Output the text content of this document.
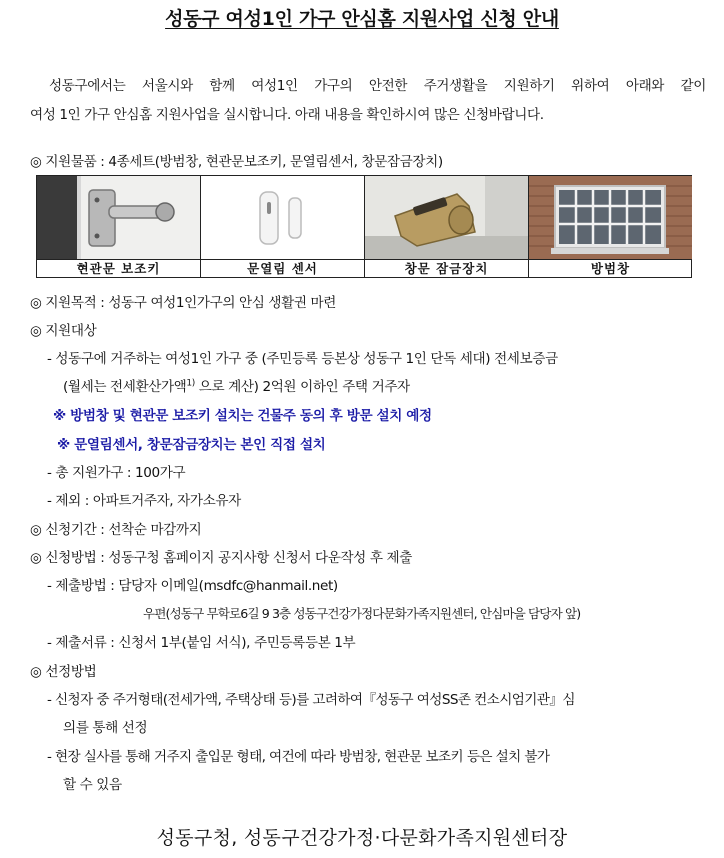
성동구 여성1인 가구 안심홈 지원사업 신청 안내
성동구에서는 서울시와 함께 여성1인 가구의 안전한 주거생활을 지원하기 위하여 아래와 같이
여성 1인 가구 안심홈 지원사업을 실시합니다. 아래 내용을 확인하시여 많은 신청바랍니다.
◎ 지원물품 : 4종세트(방범창, 현관문보조키, 문열림센서, 창문잠금장치)
현관문 보조키	문열림 센서	창문 잠금장치	방범창
◎ 지원목적 : 성동구 여성1인가구의 안심 생활권 마련
◎ 지원대상
- 성동구에 거주하는 여성1인 가구 중 (주민등록 등본상 성동구 1인 단독 세대) 전세보증금
(월세는 전세환산가액$^{1)}$ 으로 계산) 2억원 이하인 주택 거주자
※ 방범창 및 현관문 보조키 설치는 건물주 동의 후 방문 설치 예정
※ 문열림센서, 창문잠금장치는 본인 직접 설치
- 총 지원가구 : 100가구
- 제외 : 아파트거주자, 자가소유자
◎ 신청기간 : 선착순 마감까지
◎ 신청방법 : 성동구청 홈페이지 공지사항 신청서 다운작성 후 제출
- 제출방법 : 담당자 이메일(msdfc@hanmail.net)
우편(성동구 무학로6길 9 3층 성동구건강가정다문화가족지원센터, 안심마을 담당자 앞)
- 제출서류 : 신청서 1부(붙임 서식), 주민등록등본 1부
◎ 선정방법
- 신청자 중 주거형태(전세가액, 주택상태 등)를 고려하여『성동구 여성SS존 컨소시엄기관』심
의를 통해 선정
- 현장 실사를 통해 거주지 출입문 형태, 여건에 따라 방범창, 현관문 보조키 등은 설치 불가
할 수 있음
성동구청, 성동구건강가정·다문화가족지원센터장
